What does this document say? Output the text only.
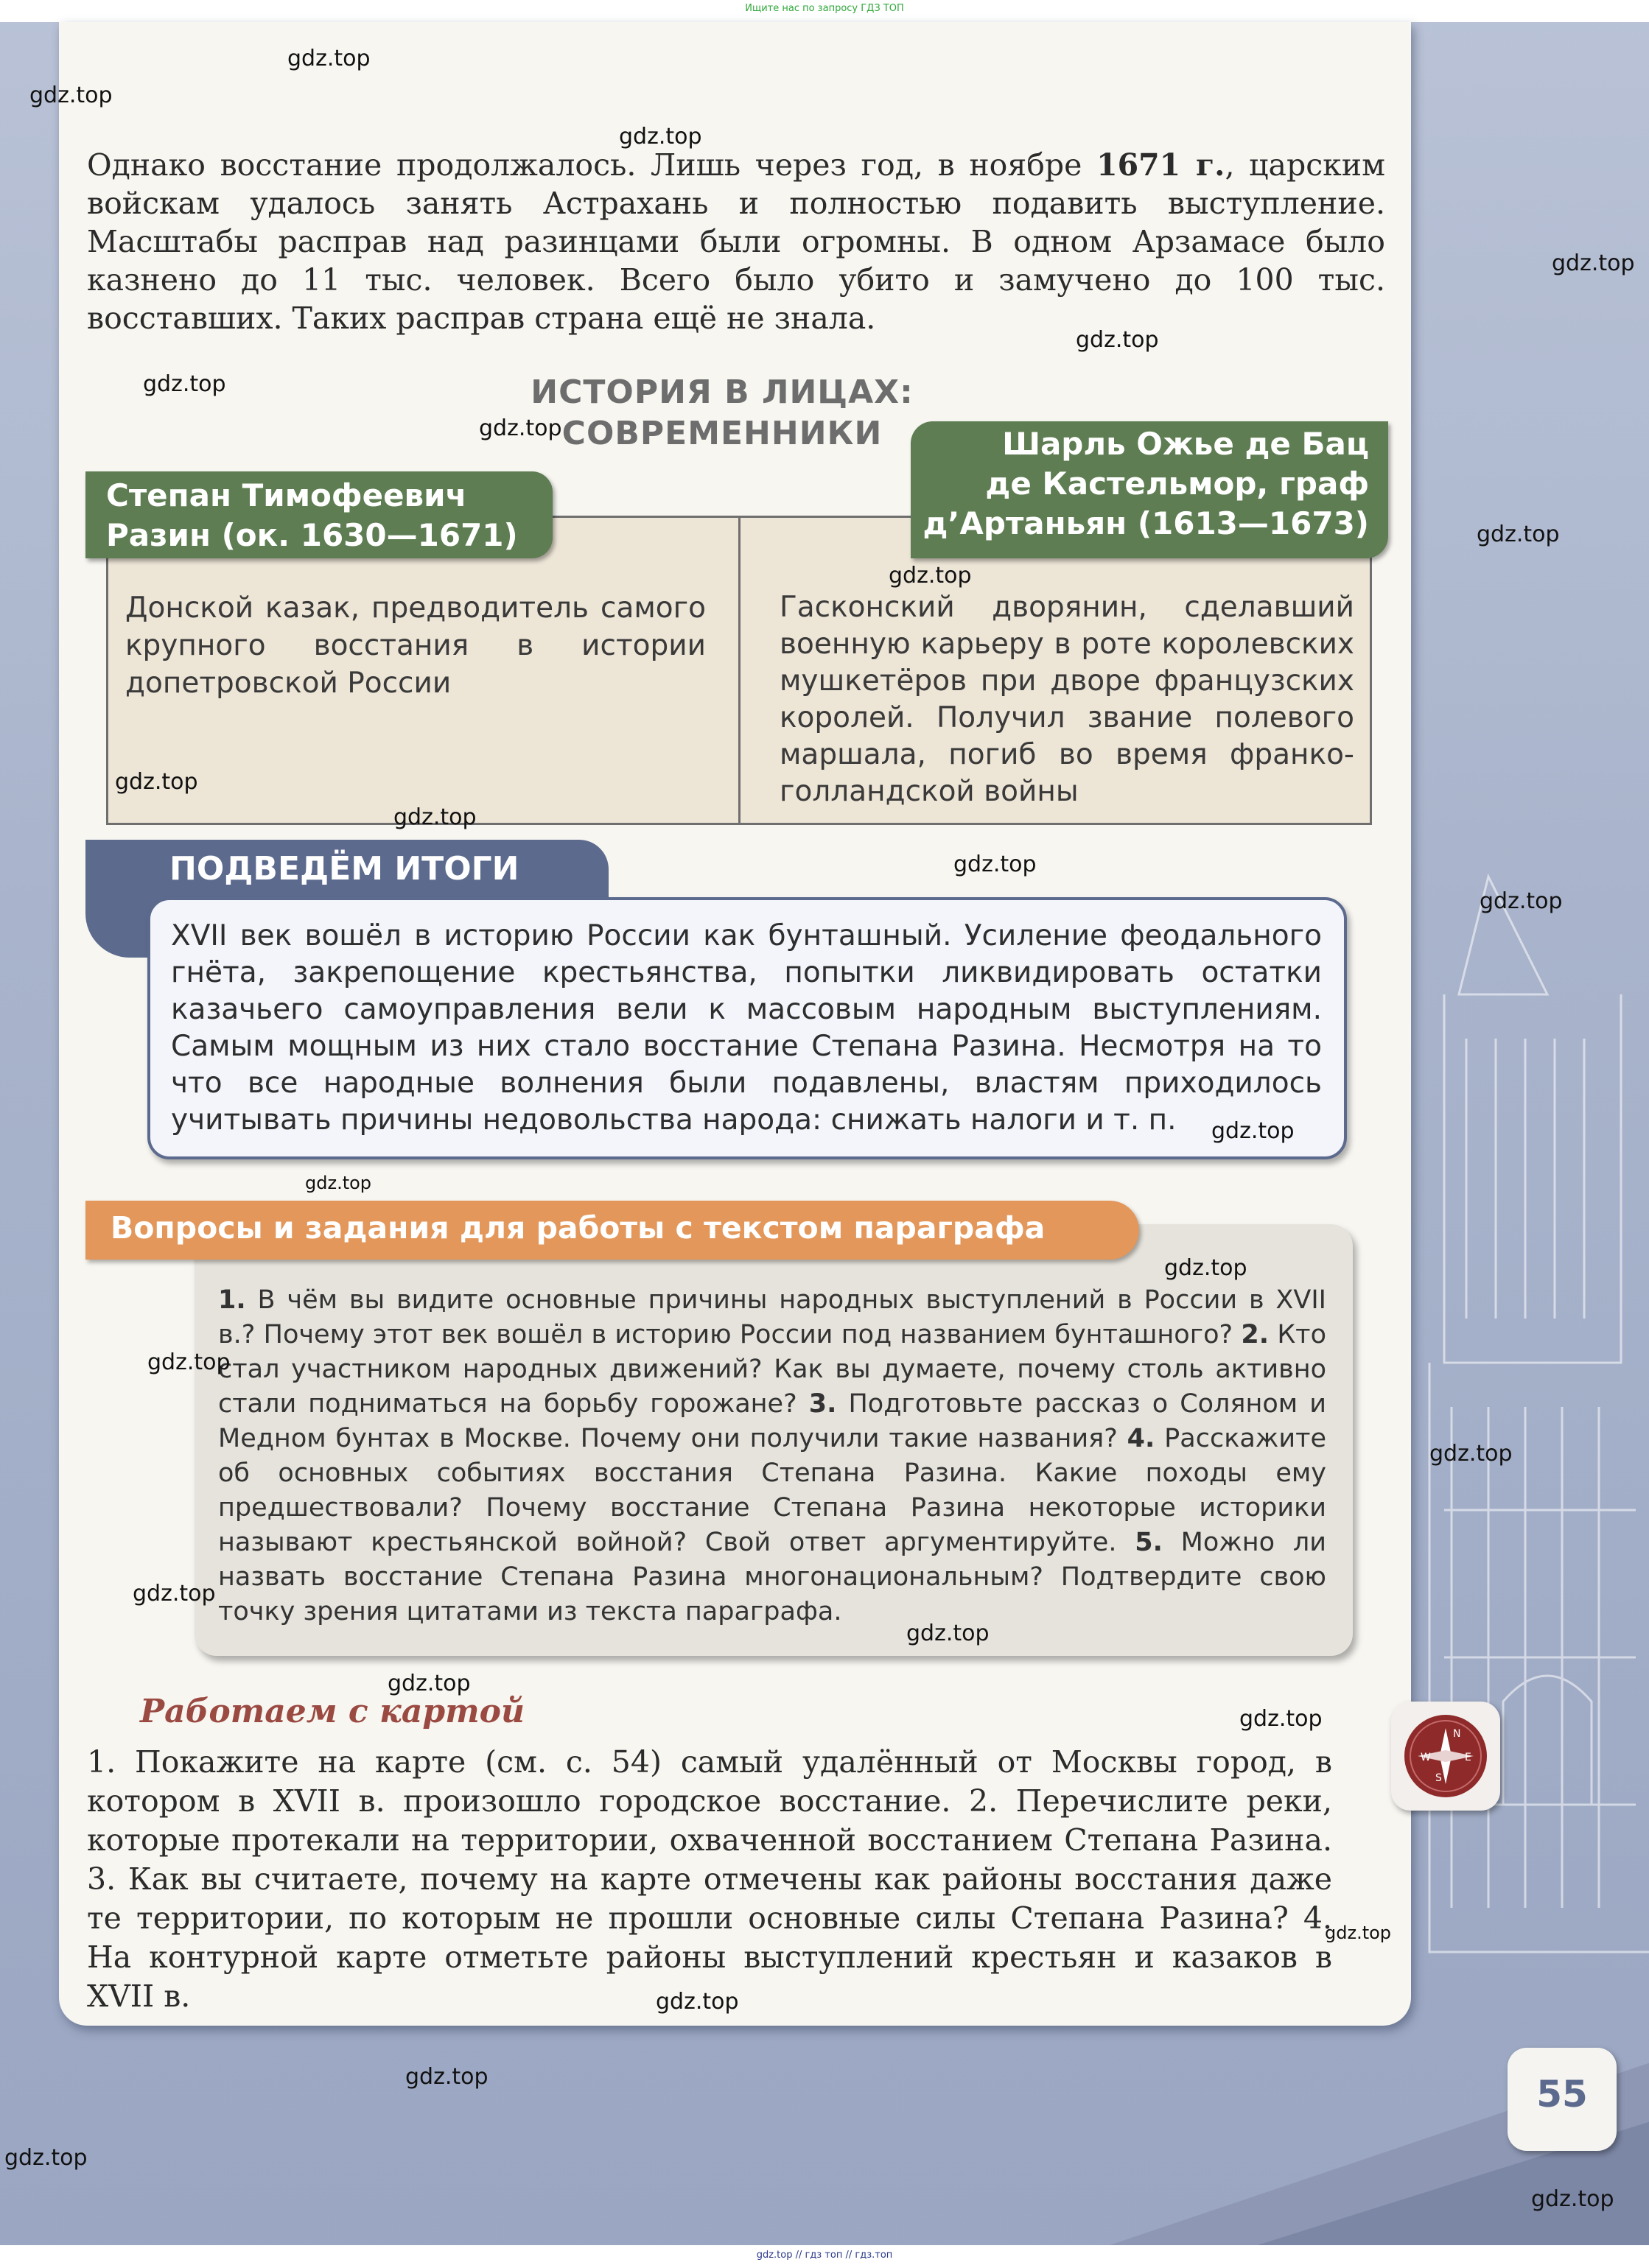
Ищите нас по запросу ГДЗ ТОП

Однако восстание продолжалось. Лишь через год, в ноябре 1671 г., царским войскам удалось занять Астрахань и полностью подавить выступление. Масштабы расправ над разинцами были огромны. В одном Арзамасе было казнено до 11 тыс. человек. Всего было убито и замучено до 100 тыс. восставших. Таких расправ страна ещё не знала.

ИСТОРИЯ В ЛИЦАХ:
СОВРЕМЕННИКИ
Степан Тимофеевич
Разин (ок. 1630—1671)
Шарль Ожье де Бац
де Кастельмор, граф
д’Артаньян (1613—1673)
Донской казак, предводитель самого крупного восстания в истории допетровской России
Гасконский дворянин, сделавший военную карьеру в роте королевских мушкетёров при дворе французских королей. Получил звание полевого маршала, погиб во время франко-голландской войны
ПОДВЕДЁМ ИТОГИ
XVII век вошёл в историю России как бунташный. Усиление феодального гнёта, закрепощение крестьянства, попытки ликвидировать остатки казачьего самоуправления вели к массовым народным выступлениям. Самым мощным из них стало восстание Степана Разина. Несмотря на то что все народные волнения были подавлены, властям приходилось учитывать причины недовольства народа: снижать налоги и т. п.
Вопросы и задания для работы с текстом параграфа
1. В чём вы видите основные причины народных выступлений в России в XVII в.? Почему этот век вошёл в историю России под названием бунташного? 2. Кто стал участником народных движений? Как вы думаете, почему столь активно стали подниматься на борьбу горожане? 3. Подготовьте рассказ о Соляном и Медном бунтах в Москве. Почему они получили такие названия? 4. Расскажите об основных событиях восстания Степана Разина. Какие походы ему предшествовали? Почему восстание Степана Разина некоторые историки называют крестьянской войной? Свой ответ аргументируйте. 5. Можно ли назвать восстание Степана Разина многонациональным? Подтвердите свою точку зрения цитатами из текста параграфа.
Работаем с картой
1. Покажите на карте (см. с. 54) самый удалённый от Москвы город, в котором в XVII в. произошло городское восстание. 2. Перечислите реки, которые протекали на территории, охваченной восстанием Степана Разина. 3. Как вы считаете, почему на карте отмечены как районы восстания даже те территории, по которым не прошли основные силы Степана Разина? 4. На контурной карте отметьте районы выступлений крестьян и казаков в XVII в.
N
E
S
W
55
gdz.top
gdz.top
gdz.top
gdz.top
gdz.top
gdz.top
gdz.top
gdz.top
gdz.top
gdz.top
gdz.top
gdz.top
gdz.top
gdz.top
gdz.top
gdz.top
gdz.top
gdz.top
gdz.top
gdz.top
gdz.top
gdz.top
gdz.top
gdz.top
gdz.top
gdz.top
gdz.top
gdz.top // гдз топ // гдз.топ
